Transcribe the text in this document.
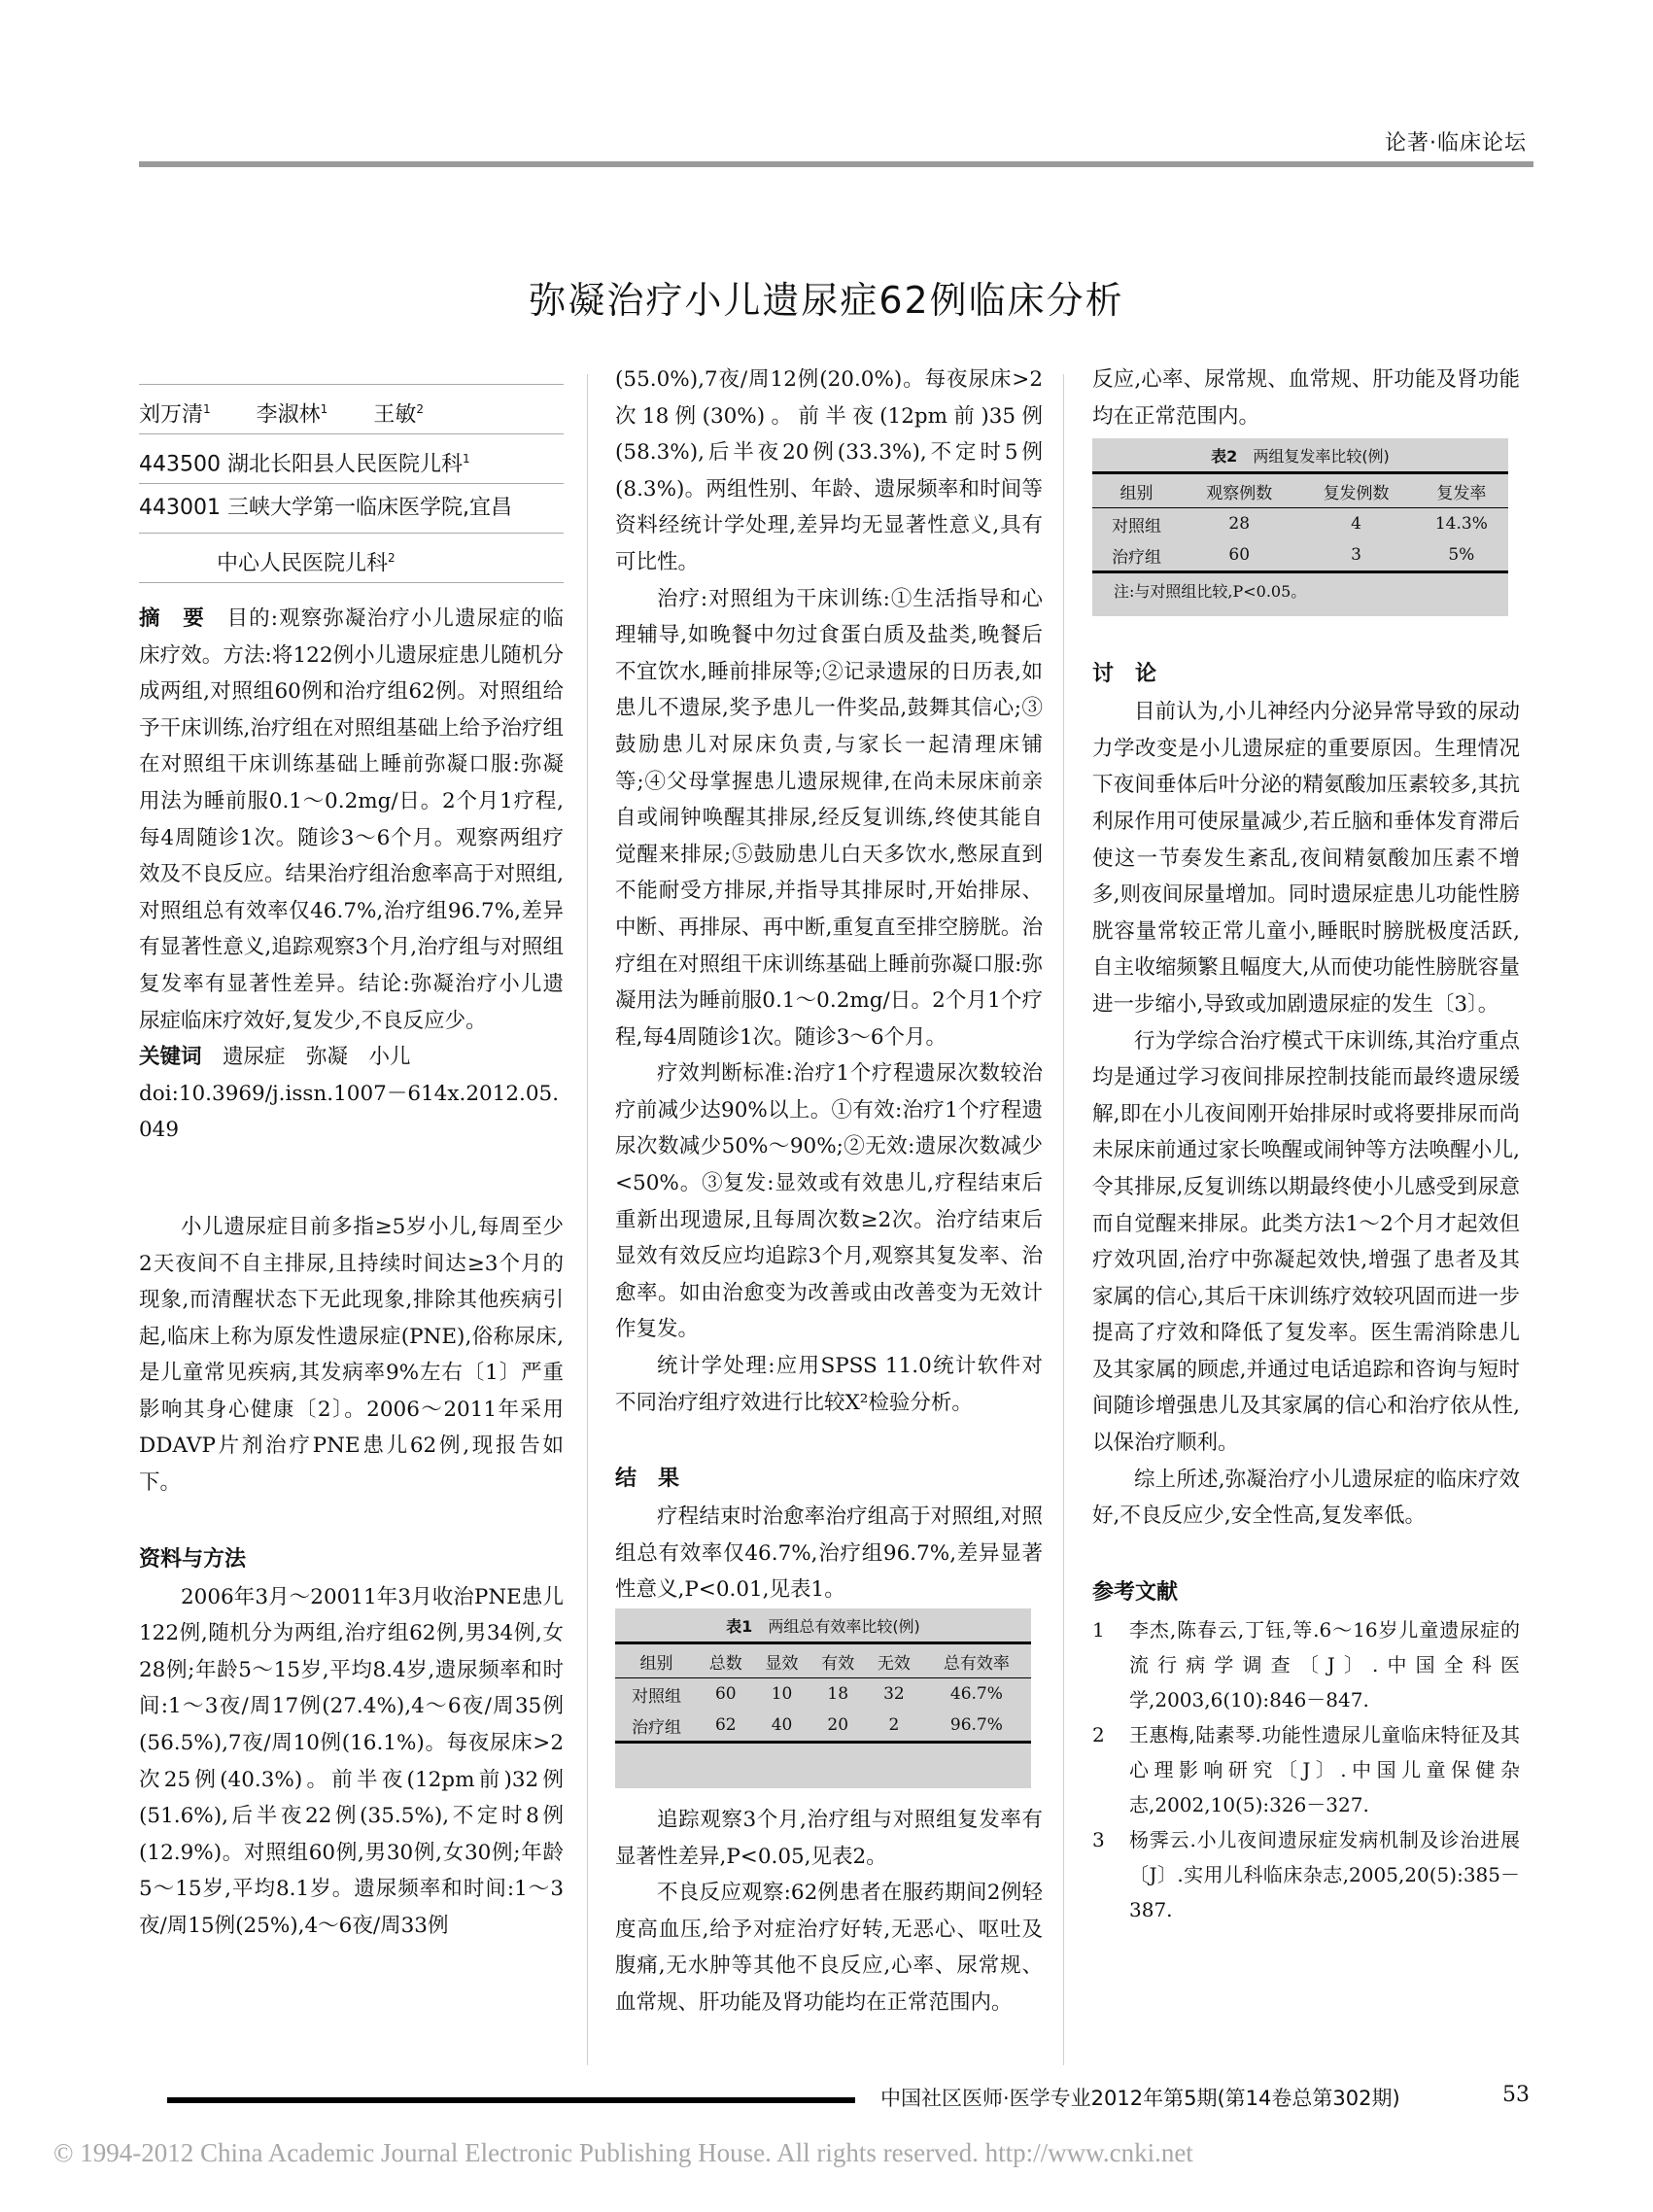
论著·临床论坛
弥凝治疗小儿遗尿症62例临床分析
刘万清$^1$    李淑林$^1$    王敏$^2$
443500 湖北长阳县人民医院儿科$^1$
443001 三峡大学第一临床医学院,宜昌
中心人民医院儿科$^2$

摘　要  目的:观察弥凝治疗小儿遗尿症的临床疗效。方法:将122例小儿遗尿症患儿随机分成两组,对照组60例和治疗组62例。对照组给予干床训练,治疗组在对照组基础上给予治疗组在对照组干床训练基础上睡前弥凝口服:弥凝用法为睡前服0.1～0.2mg/日。2个月1疗程,每4周随诊1次。随诊3～6个月。观察两组疗效及不良反应。结果治疗组治愈率高于对照组,对照组总有效率仅46.7%,治疗组96.7%,差异有显著性意义,追踪观察3个月,治疗组与对照组复发率有显著性差异。结论:弥凝治疗小儿遗尿症临床疗效好,复发少,不良反应少。

关键词  遗尿症　弥凝　小儿

doi:10.3969/j.issn.1007－614x.2012.05.049

小儿遗尿症目前多指≥5岁小儿,每周至少2天夜间不自主排尿,且持续时间达≥3个月的现象,而清醒状态下无此现象,排除其他疾病引起,临床上称为原发性遗尿症(PNE),俗称尿床,是儿童常见疾病,其发病率9%左右〔1〕严重影响其身心健康〔2〕。2006～2011年采用DDAVP片剂治疗PNE患儿62例,现报告如下。

资料与方法

2006年3月～20011年3月收治PNE患儿122例,随机分为两组,治疗组62例,男34例,女28例;年龄5～15岁,平均8.4岁,遗尿频率和时间:1～3夜/周17例(27.4%),4～6夜/周35例(56.5%),7夜/周10例(16.1%)。每夜尿床>2次25例(40.3%)。前半夜(12pm前)32例(51.6%),后半夜22例(35.5%),不定时8例(12.9%)。对照组60例,男30例,女30例;年龄5～15岁,平均8.1岁。遗尿频率和时间:1～3夜/周15例(25%),4～6夜/周33例

(55.0%),7夜/周12例(20.0%)。每夜尿床>2次18例(30%)。前半夜(12pm前)35例(58.3%),后半夜20例(33.3%),不定时5例(8.3%)。两组性别、年龄、遗尿频率和时间等资料经统计学处理,差异均无显著性意义,具有可比性。

治疗:对照组为干床训练:①生活指导和心理辅导,如晚餐中勿过食蛋白质及盐类,晚餐后不宜饮水,睡前排尿等;②记录遗尿的日历表,如患儿不遗尿,奖予患儿一件奖品,鼓舞其信心;③鼓励患儿对尿床负责,与家长一起清理床铺等;④父母掌握患儿遗尿规律,在尚未尿床前亲自或闹钟唤醒其排尿,经反复训练,终使其能自觉醒来排尿;⑤鼓励患儿白天多饮水,憋尿直到不能耐受方排尿,并指导其排尿时,开始排尿、中断、再排尿、再中断,重复直至排空膀胱。治疗组在对照组干床训练基础上睡前弥凝口服:弥凝用法为睡前服0.1～0.2mg/日。2个月1个疗程,每4周随诊1次。随诊3～6个月。

疗效判断标准:治疗1个疗程遗尿次数较治疗前减少达90%以上。①有效:治疗1个疗程遗尿次数减少50%～90%;②无效:遗尿次数减少<50%。③复发:显效或有效患儿,疗程结束后重新出现遗尿,且每周次数≥2次。治疗结束后显效有效反应均追踪3个月,观察其复发率、治愈率。如由治愈变为改善或由改善变为无效计作复发。

统计学处理:应用SPSS 11.0统计软件对不同治疗组疗效进行比较X²检验分析。

结　果

疗程结束时治愈率治疗组高于对照组,对照组总有效率仅46.7%,治疗组96.7%,差异显著性意义,P<0.01,见表1。

表1  两组总有效率比较(例)
组别	总数	显效	有效	无效	总有效率
对照组	60	10	18	32	46.7%
治疗组	62	40	20	2	96.7%

追踪观察3个月,治疗组与对照组复发率有显著性差异,P<0.05,见表2。

不良反应观察:62例患者在服药期间2例轻度高血压,给予对症治疗好转,无恶心、呕吐及腹痛,无水肿等其他不良反应,心率、尿常规、血常规、肝功能及肾功能均在正常范围内。

反应,心率、尿常规、血常规、肝功能及肾功能均在正常范围内。

表2  两组复发率比较(例)
组别	观察例数	复发例数	复发率
对照组	28	4	14.3%
治疗组	60	3	5%
注:与对照组比较,P<0.05。

讨　论

目前认为,小儿神经内分泌异常导致的尿动力学改变是小儿遗尿症的重要原因。生理情况下夜间垂体后叶分泌的精氨酸加压素较多,其抗利尿作用可使尿量减少,若丘脑和垂体发育滞后使这一节奏发生紊乱,夜间精氨酸加压素不增多,则夜间尿量增加。同时遗尿症患儿功能性膀胱容量常较正常儿童小,睡眠时膀胱极度活跃,自主收缩频繁且幅度大,从而使功能性膀胱容量进一步缩小,导致或加剧遗尿症的发生〔3〕。

行为学综合治疗模式干床训练,其治疗重点均是通过学习夜间排尿控制技能而最终遗尿缓解,即在小儿夜间刚开始排尿时或将要排尿而尚未尿床前通过家长唤醒或闹钟等方法唤醒小儿,令其排尿,反复训练以期最终使小儿感受到尿意而自觉醒来排尿。此类方法1～2个月才起效但疗效巩固,治疗中弥凝起效快,增强了患者及其家属的信心,其后干床训练疗效较巩固而进一步提高了疗效和降低了复发率。医生需消除患儿及其家属的顾虑,并通过电话追踪和咨询与短时间随诊增强患儿及其家属的信心和治疗依从性,以保治疗顺利。

综上所述,弥凝治疗小儿遗尿症的临床疗效好,不良反应少,安全性高,复发率低。

参考文献

1	李杰,陈春云,丁钰,等.6～16岁儿童遗尿症的流行病学调查〔J〕.中国全科医学,2003,6(10):846－847.
2	王惠梅,陆素琴.功能性遗尿儿童临床特征及其心理影响研究〔J〕.中国儿童保健杂志,2002,10(5):326－327.
3	杨霁云.小儿夜间遗尿症发病机制及诊治进展〔J〕.实用儿科临床杂志,2005,20(5):385－387.
中国社区医师·医学专业2012年第5期(第14卷总第302期)	53
© 1994-2012 China Academic Journal Electronic Publishing House. All rights reserved. http://www.cnki.net
